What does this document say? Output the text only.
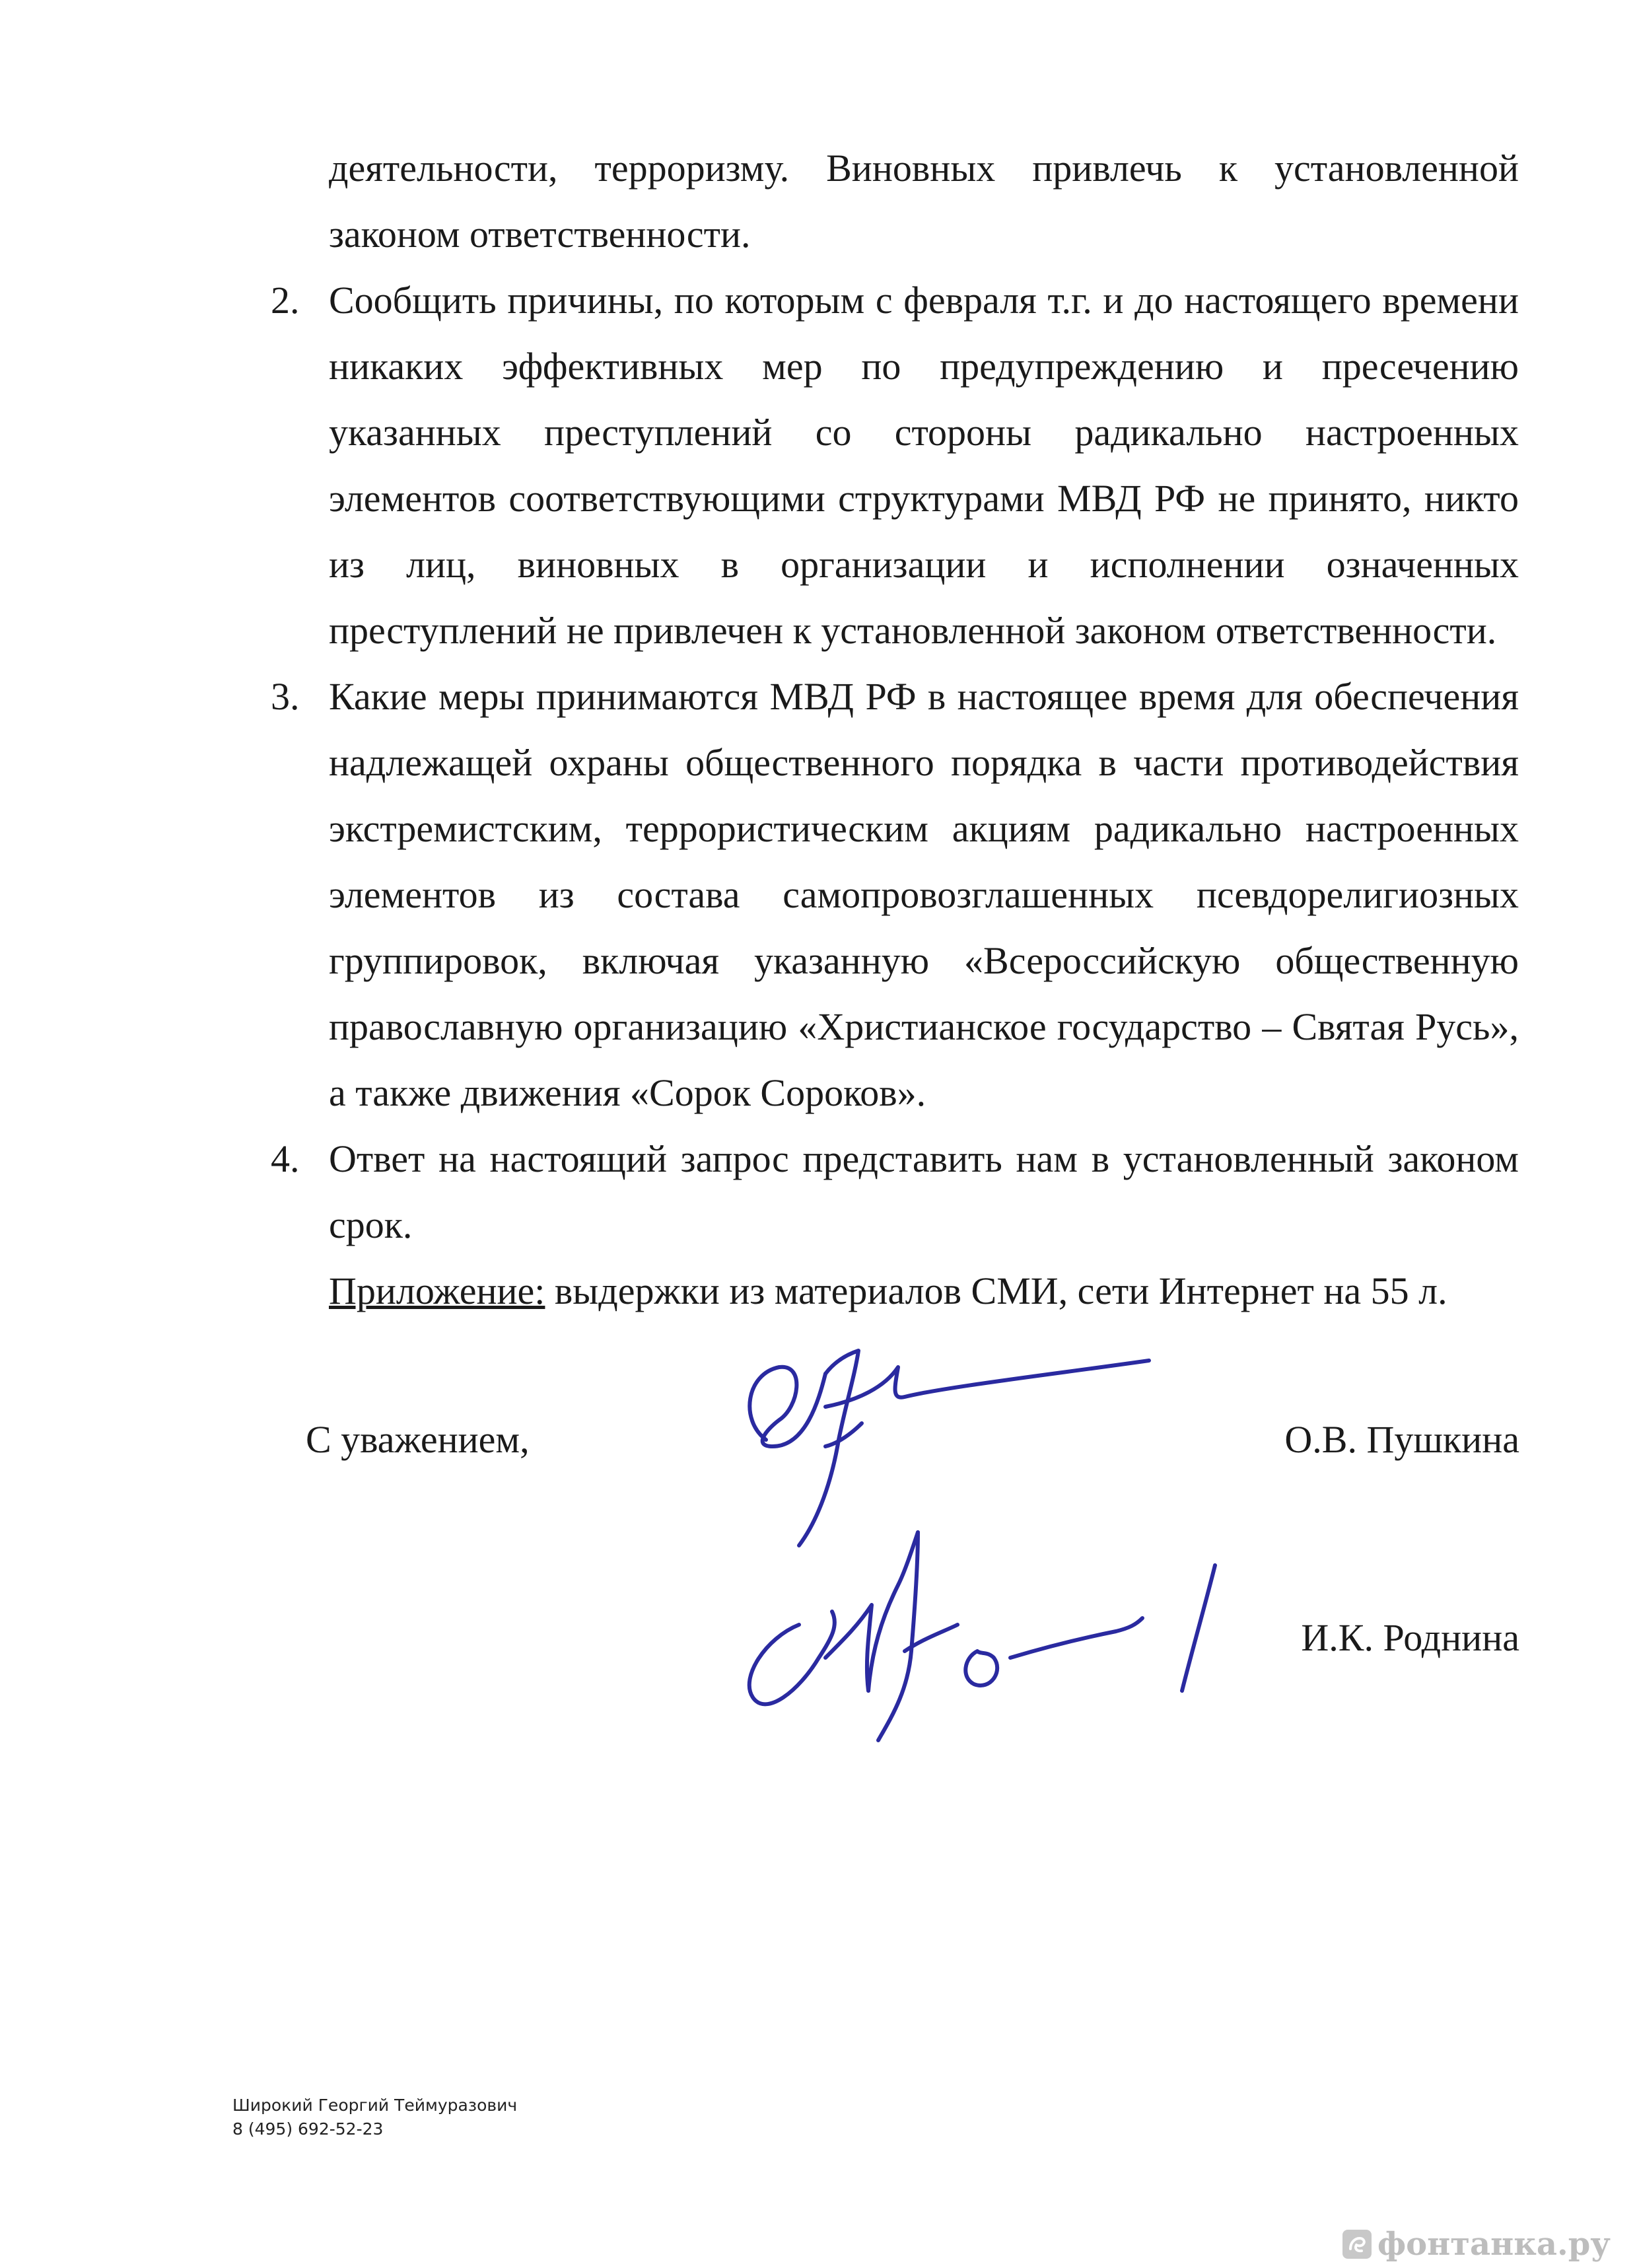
деятельности, терроризму. Виновных привлечь к установленной законом ответственности.

2. Сообщить причины, по которым с февраля т.г. и до настоящего времени никаких эффективных мер по предупреждению и пресечению указанных преступлений со стороны радикально настроенных элементов соответствующими структурами МВД РФ не принято, никто из лиц, виновных в организации и исполнении означенных преступлений не привлечен к установленной законом ответственности.

3. Какие меры принимаются МВД РФ в настоящее время для обеспечения надлежащей охраны общественного порядка в части противодействия экстремистским, террористическим акциям радикально настроенных элементов из состава самопровозглашенных псевдорелигиозных группировок, включая указанную «Всероссийскую общественную православную организацию «Христианское государство – Святая Русь», а также движения «Сорок Сороков».

4. Ответ на настоящий запрос представить нам в установленный законом срок.

Приложение: выдержки из материалов СМИ, сети Интернет на 55 л.

С уважением,	О.В. Пушкина
И.К. Роднина
Широкий Георгий Теймуразович
8 (495) 692-52-23
фонтанка.ру
